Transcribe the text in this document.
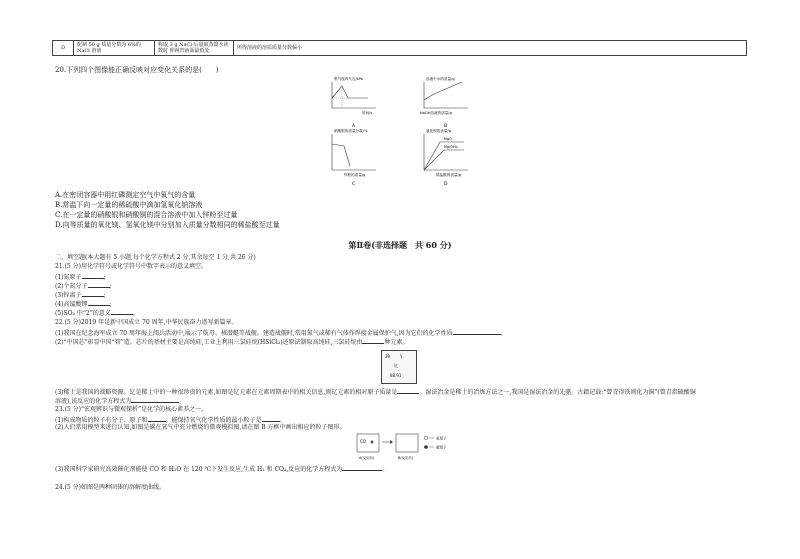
D	配制 50 g 质量分数为 6%的 NaCl 溶液	称取 3 g NaCl 后量取蒸馏水读数时 仰视凹液面最低处	所得溶液的溶质质量分数偏小
20.下列四个图像能正确反映对应变化关系的是(　　)
集气瓶内气压/kPa
时间/s
A
溶液中水的质量/g
NaOH溶液的质量/g
B
硝酸银的质量分数/%
锌粉的质量/g
C
氯化钡的质量/g
MgO
Mg(OH)₂
稀盐酸的质量/g
D
A.在密闭容器中用红磷测定空气中氧气的含量
B.常温下向一定量的稀硫酸中滴加氢氧化钠溶液
C.在一定量的硝酸银和硝酸铜的混合溶液中加入锌粉至过量
D.向等质量的氧化镁、氢氧化镁中分别加入质量分数相同的稀盐酸至过量
第Ⅱ卷(非选择题　共 60 分)
二、填空题(本大题有 5 小题,每个化学方程式 2 分,其余每空 1 分,共 26 分)
21.(5 分)用化学符号或化学符号中数字表示的意义填空。
(1)氮原子	;
(2)个氮分子	;
(3)锌离子	;
(4)高锰酸钾	;
(5)SO₂ 中“2”的意义	。
22.(5 分)2019 年是新中国成立 70 周年,中华民族奋力谱写新篇章。
(1)我国在纪念海军成立 70 周年海上阅兵活动中,展示了航母、核潜艇等战舰。建造战舰时,常用氮气或稀有气体作焊接金属保护气,因为它们的化学性质	。
(2)“中国芯”彰显中国“智”造。芯片的基材主要是高纯硅,工业上利用三氯硅烷(HSiCl₃)还原法制取高纯硅,三氯硅烷由	种元素。
39 Y
钇
88.91
(3)稀土是我国的战略资源。钇是稀土中的一种很珍贵的元素,如图是钇元素在元素周期表中的相关信息,则钇元素的相对原子质量是	。湿法冶金是稀土的冶炼方法之一,我国是湿法冶金的先驱。古籍记载:“曾青得铁则化为铜”(曾青指硫酸铜
溶液),该反应的化学方程式为	。
23.(5 分)“宏观辨识与微观探析”是化学的核心素养之一。
(1)构成物质的粒子有分子、原子和	。能保持氧气化学性质的最小粒子是	。
(2)人们常用模型来进行认知,如图是碳在氧气中充分燃烧的微观模拟图,请在图 B 方框中画出相应的粒子图形。
CO
氧原子
碳原子
A(反应前)	B(反应后)
(3)我国科学家研究高效催化剂能使 CO 和 H₂O 在 120 ℃下发生反应,生成 H₂ 和 CO₂,反应的化学方程式为	。
24.(5 分)如图是两种固体的溶解度曲线。
